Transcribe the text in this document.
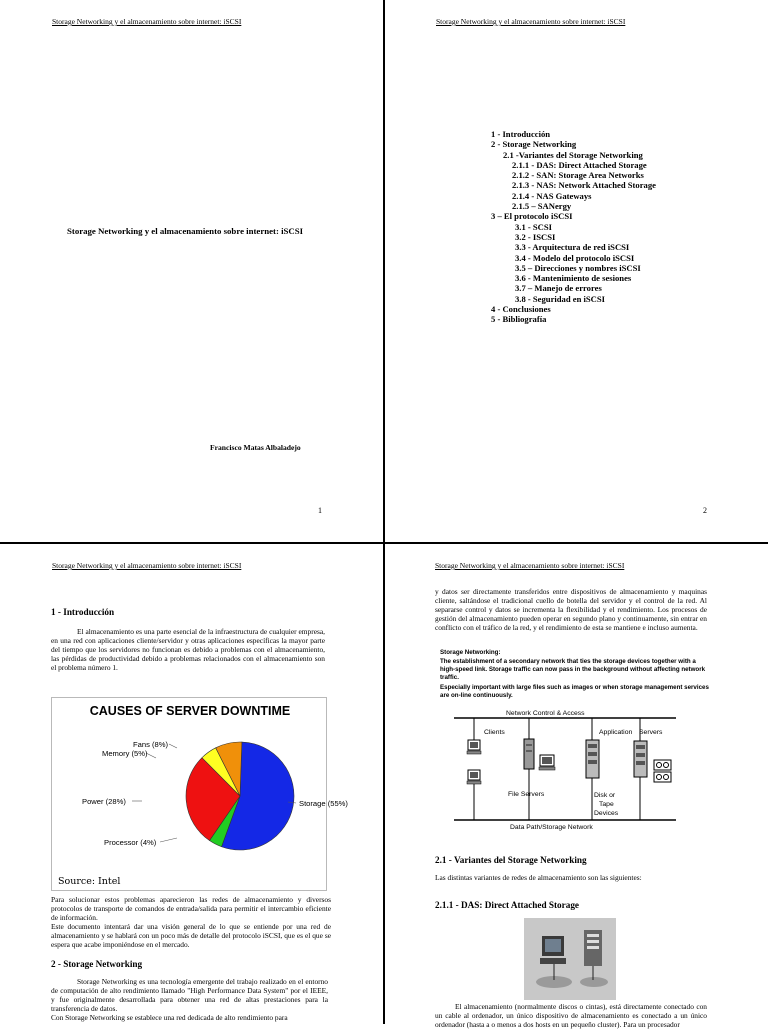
Storage Networking y el almacenamiento sobre internet: iSCSI
Storage Networking y el almacenamiento sobre internet: iSCSI
Francisco Matas Albaladejo
1
Storage Networking y el almacenamiento sobre internet: iSCSI
2
1 - Introducción
2 - Storage Networking
2.1 -Variantes del Storage Networking
2.1.1 - DAS: Direct Attached Storage
2.1.2 - SAN: Storage Area Networks
2.1.3 - NAS: Network Attached Storage
2.1.4 - NAS Gateways
2.1.5 – SANergy
3 – El protocolo iSCSI
3.1 - SCSI
3.2 - ISCSI
3.3 - Arquitectura de red iSCSI
3.4 - Modelo del protocolo iSCSI
3.5 – Direcciones y nombres iSCSI
3.6 - Mantenimiento de sesiones
3.7 – Manejo de errores
3.8 - Seguridad en iSCSI
4 - Conclusiones
5 - Bibliografía
Storage Networking y el almacenamiento sobre internet: iSCSI
1 - Introducción

El almacenamiento es una parte esencial de la infraestructura de cualquier empresa, en una red con aplicaciones cliente/servidor y otras aplicaciones específicas la mayor parte del tiempo que los servidores no funcionan es debido a problemas con el almacenamiento, las pérdidas de productividad debido a problemas relacionados con el almacenamiento son el problema número 1.

CAUSES OF SERVER DOWNTIME
Storage (55%)
Processor (4%)
Power (28%)
Memory (5%)
Fans (8%)
Source: Intel

Para solucionar estos problemas aparecieron las redes de almacenamiento y diversos protocolos de transporte de comandos de entrada/salida para permitir el intercambio eficiente de información.

Este documento intentará dar una visión general de lo que se entiende por una red de almacenamiento y se hablará con un poco más de detalle del protocolo iSCSI, que es el que se espera que acabe imponiéndose en el mercado.

2 - Storage Networking

Storage Networking es una tecnología emergente del trabajo realizado en el entorno de computación de alto rendimiento llamado "High Performance Data System" por el IEEE, y fue originalmente desarrollada para obtener una red de altas prestaciones para la transferencia de datos.

Con Storage Networking se establece una red dedicada de alto rendimiento para

Storage Networking y el almacenamiento sobre internet: iSCSI

y datos ser directamente transferidos entre dispositivos de almacenamiento y maquinas cliente, saltándose el tradicional cuello de botella del servidor y el control de la red. Al separarse control y datos se incrementa la flexibilidad y el rendimiento. Los procesos de gestión del almacenamiento pueden operar en segundo plano y continuamente, sin entrar en conflicto con el tráfico de la red, y el rendimiento de esta se mantiene e incluso aumenta.

Storage Networking:
The establishment of a secondary network that ties the storage devices together with a
high-speed link. Storage traffic can now pass in the background without affecting network
traffic.
Especially important with large files such as images or when storage management services
are on-line continuously.
Network Control & Access
Clients	Application Servers
File Servers	Disk or
Tape
Devices
Data Path/Storage Network
2.1 - Variantes del Storage Networking
Las distintas variantes de redes de almacenamiento son las siguientes:
2.1.1 - DAS: Direct Attached Storage

El almacenamiento (normalmente discos o cintas), está directamente conectado con un cable al ordenador, un único dispositivo de almacenamiento es conectado a un único ordenador (hasta a o menos a dos hosts en un pequeño cluster). Para un procesador
